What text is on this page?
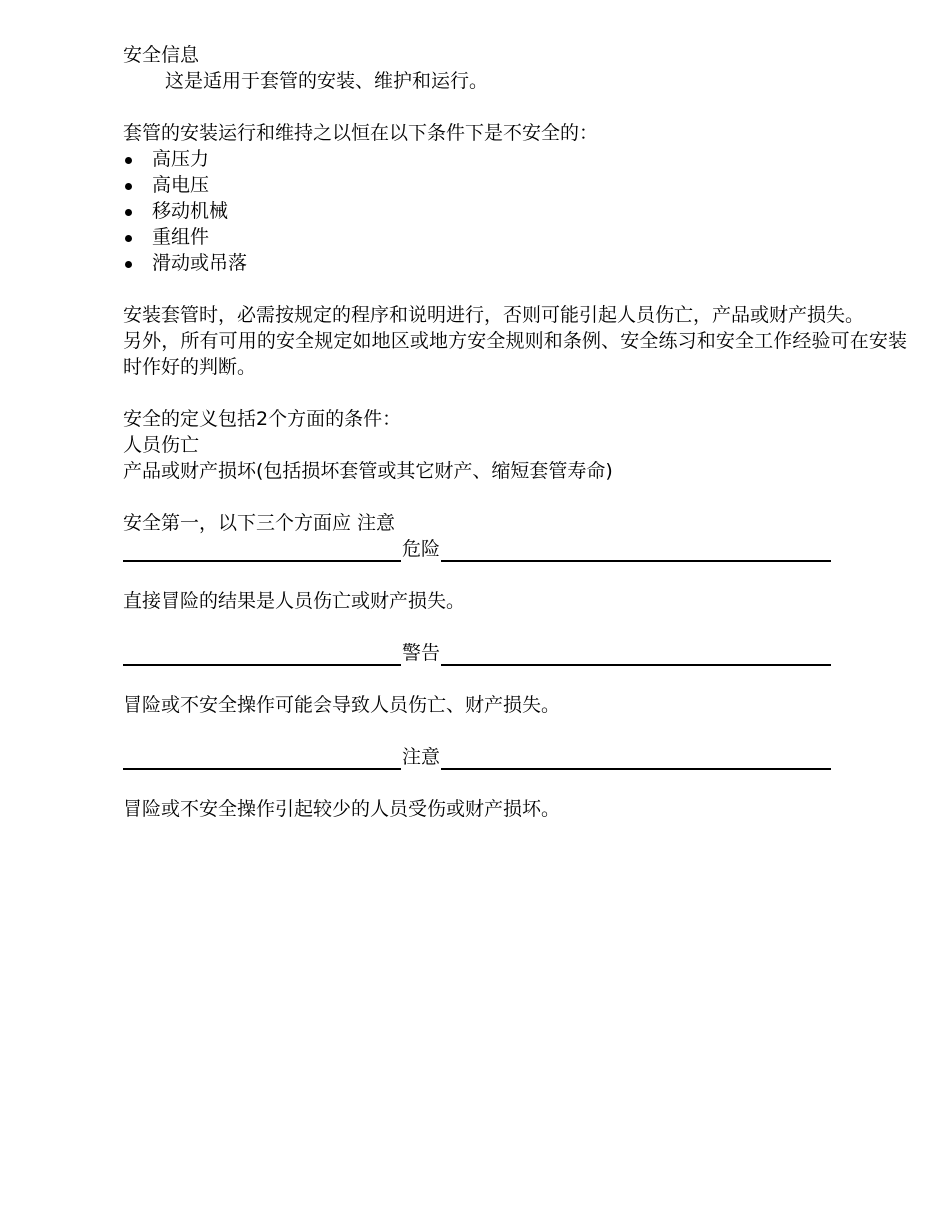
安全信息

这是适用于套管的安装、维护和运行。

套管的安装运行和维持之以恒在以下条件下是不安全的：

高压力
高电压
移动机械
重组件
滑动或吊落

安装套管时，必需按规定的程序和说明进行，否则可能引起人员伤亡，产品或财产损失。

另外，所有可用的安全规定如地区或地方安全规则和条例、安全练习和安全工作经验可在安装时作好的判断。

安全的定义包括2个方面的条件：

人员伤亡

产品或财产损坏(包括损坏套管或其它财产、缩短套管寿命)

安全第一，以下三个方面应 注意

危险

直接冒险的结果是人员伤亡或财产损失。

警告

冒险或不安全操作可能会导致人员伤亡、财产损失。

注意

冒险或不安全操作引起较少的人员受伤或财产损坏。
